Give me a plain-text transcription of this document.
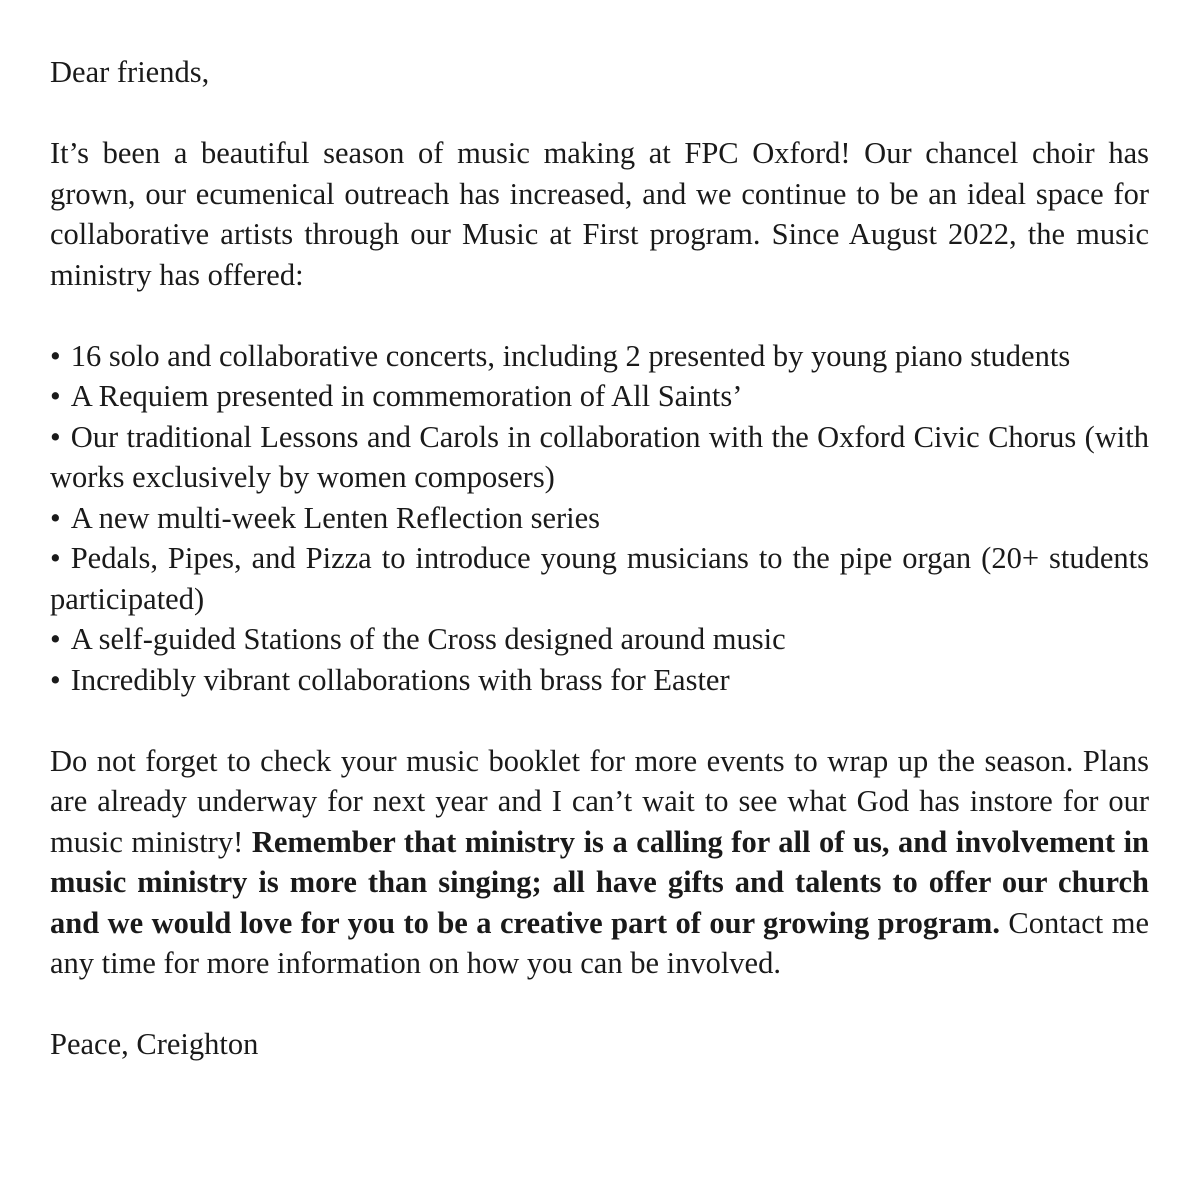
Dear friends,

It’s been a beautiful season of music making at FPC Oxford! Our chancel choir has grown, our ecumenical outreach has increased, and we continue to be an ideal space for collaborative artists through our Music at First program. Since August 2022, the music ministry has offered:

• 16 solo and collaborative concerts, including 2 presented by young piano students
• A Requiem presented in commemoration of All Saints’
• Our traditional Lessons and Carols in collaboration with the Oxford Civic Chorus (with works exclusively by women composers)
• A new multi-week Lenten Reflection series
• Pedals, Pipes, and Pizza to introduce young musicians to the pipe organ (20+ students participated)
• A self-guided Stations of the Cross designed around music
• Incredibly vibrant collaborations with brass for Easter

Do not forget to check your music booklet for more events to wrap up the season. Plans are already underway for next year and I can’t wait to see what God has instore for our music ministry! Remember that ministry is a calling for all of us, and involvement in music ministry is more than singing; all have gifts and talents to offer our church and we would love for you to be a creative part of our growing program. Contact me any time for more information on how you can be involved.

Peace, Creighton
